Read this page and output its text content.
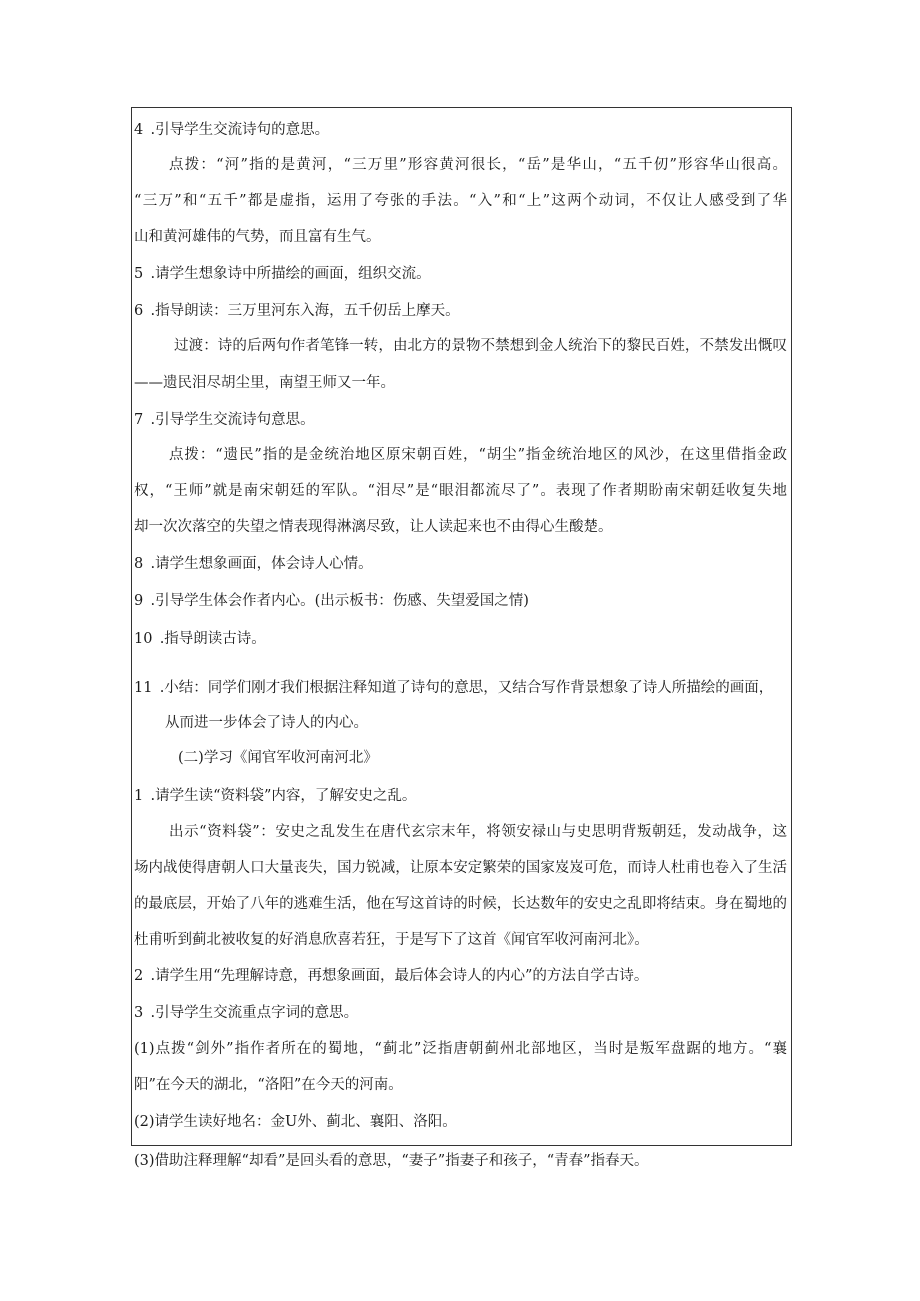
4 .引导学生交流诗句的意思。
点拨：“河”指的是黄河，“三万里”形容黄河很长，“岳”是华山，“五千仞”形容华山很高。
“三万”和“五千”都是虚指，运用了夸张的手法。“入”和“上”这两个动词，不仅让人感受到了华
山和黄河雄伟的气势，而且富有生气。
5 .请学生想象诗中所描绘的画面，组织交流。
6 .指导朗读：三万里河东入海，五千仞岳上摩天。
过渡：诗的后两句作者笔锋一转，由北方的景物不禁想到金人统治下的黎民百姓，不禁发出慨叹
——遗民泪尽胡尘里，南望王师又一年。
7 .引导学生交流诗句意思。
点拨：“遗民”指的是金统治地区原宋朝百姓，“胡尘”指金统治地区的风沙，在这里借指金政
权，“王师”就是南宋朝廷的军队。“泪尽”是“眼泪都流尽了”。表现了作者期盼南宋朝廷收复失地
却一次次落空的失望之情表现得淋漓尽致，让人读起来也不由得心生酸楚。
8 .请学生想象画面，体会诗人心情。
9 .引导学生体会作者内心。(出示板书：伤感、失望爱国之情)
10 .指导朗读古诗。
11 .小结：同学们刚才我们根据注释知道了诗句的意思，又结合写作背景想象了诗人所描绘的画面，
从而进一步体会了诗人的内心。
(二)学习《闻官军收河南河北》
1 .请学生读“资料袋”内容，了解安史之乱。
出示“资料袋”：安史之乱发生在唐代玄宗末年，将领安禄山与史思明背叛朝廷，发动战争，这
场内战使得唐朝人口大量丧失，国力锐减，让原本安定繁荣的国家岌岌可危，而诗人杜甫也卷入了生活
的最底层，开始了八年的逃难生活，他在写这首诗的时候，长达数年的安史之乱即将结束。身在蜀地的
杜甫听到蓟北被收复的好消息欣喜若狂，于是写下了这首《闻官军收河南河北》。
2 .请学生用“先理解诗意，再想象画面，最后体会诗人的内心”的方法自学古诗。
3 .引导学生交流重点字词的意思。
(1)点拨“剑外”指作者所在的蜀地，“蓟北”泛指唐朝蓟州北部地区，当时是叛军盘踞的地方。“襄
阳”在今天的湖北，“洛阳”在今天的河南。
(2)请学生读好地名：金U外、蓟北、襄阳、洛阳。
(3)借助注释理解“却看”是回头看的意思，“妻子”指妻子和孩子，“青春”指春天。
